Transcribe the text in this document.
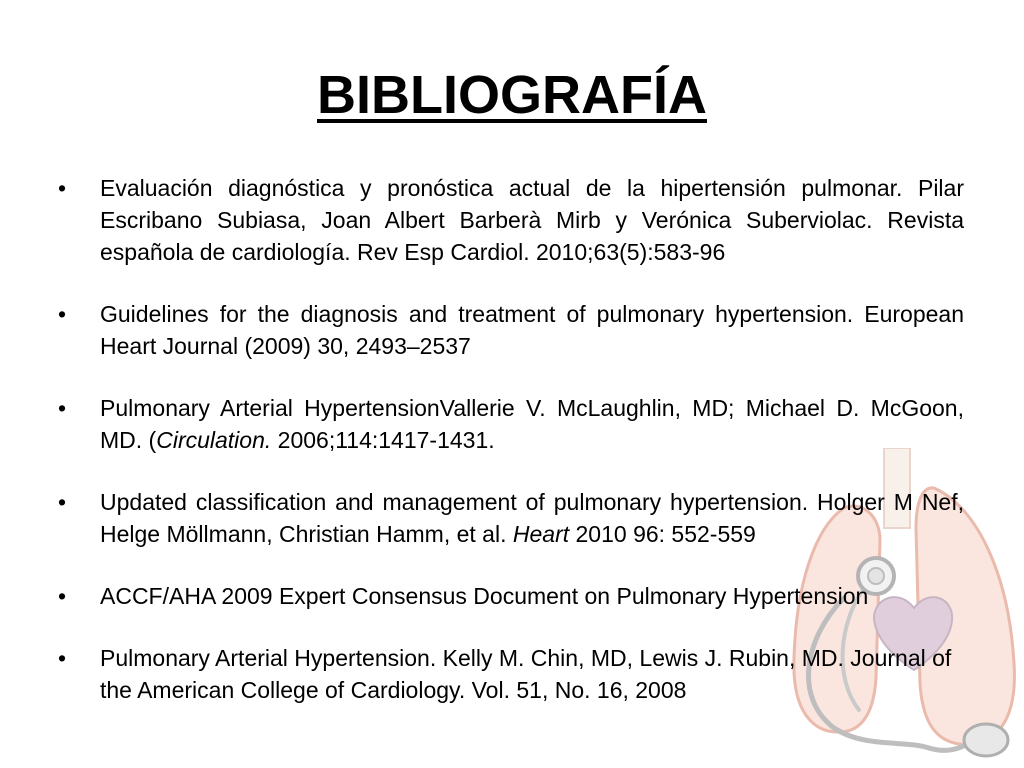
BIBLIOGRAFÍA
• Evaluación diagnóstica y pronóstica actual de la hipertensión pulmonar. Pilar Escribano Subiasa, Joan Albert Barberà Mirb y Verónica Suberviolac. Revista española de cardiología. Rev Esp Cardiol. 2010;63(5):583-96
• Guidelines for the diagnosis and treatment of pulmonary hypertension. European Heart Journal (2009) 30, 2493–2537
• Pulmonary Arterial HypertensionVallerie V. McLaughlin, MD; Michael D. McGoon, MD. (Circulation. 2006;114:1417-1431.
• Updated classification and management of pulmonary hypertension. Holger M Nef, Helge Möllmann, Christian Hamm, et al. Heart 2010 96: 552-559
• ACCF/AHA 2009 Expert Consensus Document on Pulmonary Hypertension
• Pulmonary Arterial Hypertension. Kelly M. Chin, MD, Lewis J. Rubin, MD. Journal of the American College of Cardiology. Vol. 51, No. 16, 2008
